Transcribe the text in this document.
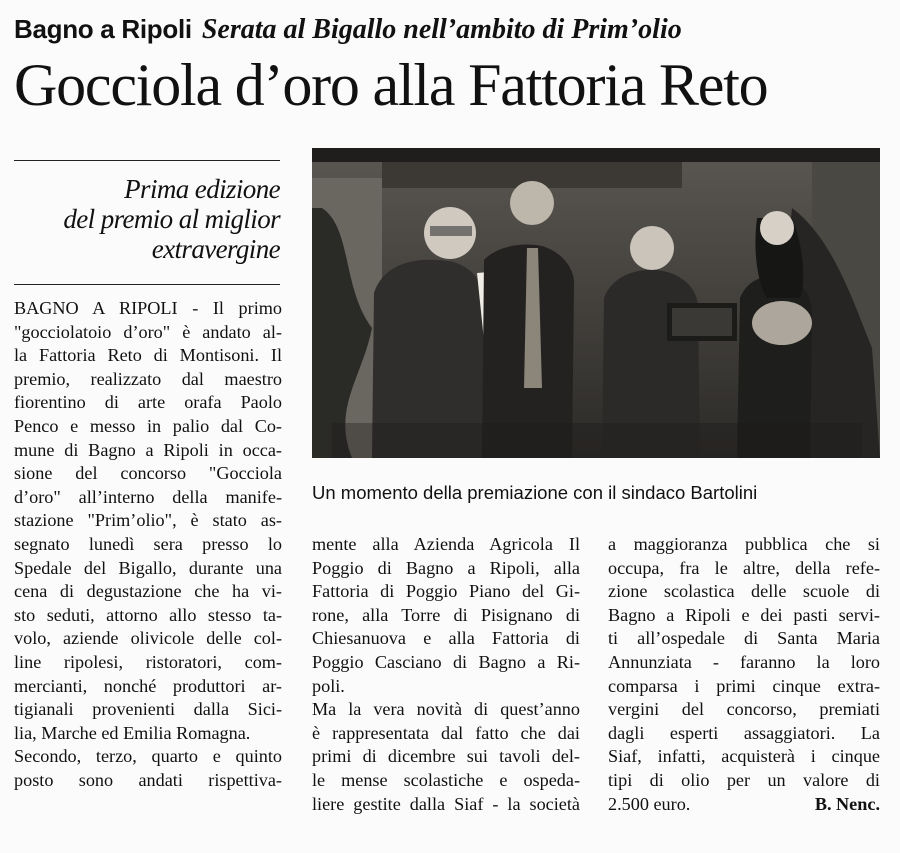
Bagno a Ripoli Serata al Bigallo nell’ambito di Prim’olio
Gocciola d’oro alla Fattoria Reto
Prima edizione
del premio al miglior
extravergine
Un momento della premiazione con il sindaco Bartolini
BAGNO A RIPOLI - Il primo
"gocciolatoio d’oro" è andato al-
la Fattoria Reto di Montisoni. Il
premio, realizzato dal maestro
fiorentino di arte orafa Paolo
Penco e messo in palio dal Co-
mune di Bagno a Ripoli in occa-
sione del concorso "Gocciola
d’oro" all’interno della manife-
stazione "Prim’olio", è stato as-
segnato lunedì sera presso lo
Spedale del Bigallo, durante una
cena di degustazione che ha vi-
sto seduti, attorno allo stesso ta-
volo, aziende olivicole delle col-
line ripolesi, ristoratori, com-
mercianti, nonché produttori ar-
tigianali provenienti dalla Sici-
lia, Marche ed Emilia Romagna.
Secondo, terzo, quarto e quinto
posto sono andati rispettiva-
mente alla Azienda Agricola Il
Poggio di Bagno a Ripoli, alla
Fattoria di Poggio Piano del Gi-
rone, alla Torre di Pisignano di
Chiesanuova e alla Fattoria di
Poggio Casciano di Bagno a Ri-
poli.
Ma la vera novità di quest’anno
è rappresentata dal fatto che dai
primi di dicembre sui tavoli del-
le mense scolastiche e ospeda-
liere gestite dalla Siaf - la società
a maggioranza pubblica che si
occupa, fra le altre, della refe-
zione scolastica delle scuole di
Bagno a Ripoli e dei pasti servi-
ti all’ospedale di Santa Maria
Annunziata - faranno la loro
comparsa i primi cinque extra-
vergini del concorso, premiati
dagli esperti assaggiatori. La
Siaf, infatti, acquisterà i cinque
tipi di olio per un valore di
2.500 euro.	B. Nenc.
